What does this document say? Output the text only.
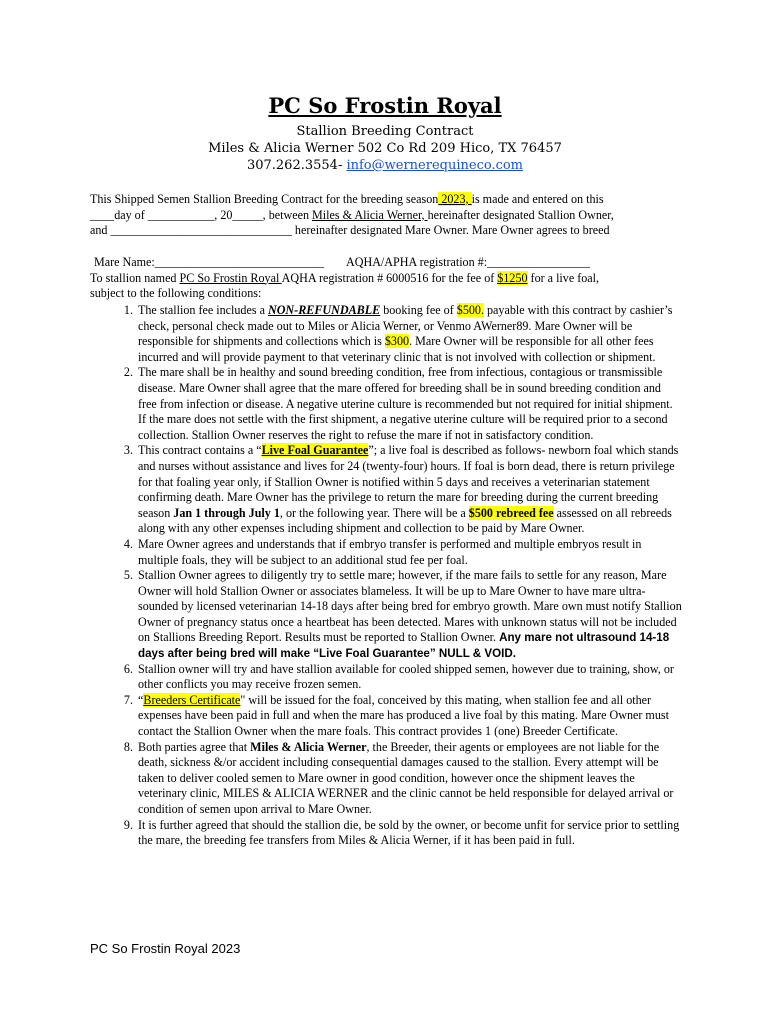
PC So Frostin Royal
Stallion Breeding Contract
Miles & Alicia Werner 502 Co Rd 209 Hico, TX 76457
307.262.3554- info@wernerequineco.com
This Shipped Semen Stallion Breeding Contract for the breeding season 2023, is made and entered on this
____day of ___________, 20_____, between Miles & Alicia Werner, hereinafter designated Stallion Owner,
and ______________________________ hereinafter designated Mare Owner. Mare Owner agrees to breed
Mare Name:____________________________ AQHA/APHA registration #:_________________
To stallion named PC So Frostin Royal AQHA registration # 6000516 for the fee of $1250 for a live foal,
subject to the following conditions:
1. The stallion fee includes a NON-REFUNDABLE booking fee of $500. payable with this contract by cashier’s check, personal check made out to Miles or Alicia Werner, or Venmo AWerner89. Mare Owner will be responsible for shipments and collections which is $300. Mare Owner will be responsible for all other fees incurred and will provide payment to that veterinary clinic that is not involved with collection or shipment.
2. The mare shall be in healthy and sound breeding condition, free from infectious, contagious or transmissible disease. Mare Owner shall agree that the mare offered for breeding shall be in sound breeding condition and free from infection or disease. A negative uterine culture is recommended but not required for initial shipment. If the mare does not settle with the first shipment, a negative uterine culture will be required prior to a second collection. Stallion Owner reserves the right to refuse the mare if not in satisfactory condition.
3. This contract contains a “Live Foal Guarantee”; a live foal is described as follows- newborn foal which stands and nurses without assistance and lives for 24 (twenty-four) hours. If foal is born dead, there is return privilege for that foaling year only, if Stallion Owner is notified within 5 days and receives a veterinarian statement confirming death. Mare Owner has the privilege to return the mare for breeding during the current breeding season Jan 1 through July 1, or the following year. There will be a $500 rebreed fee assessed on all rebreeds along with any other expenses including shipment and collection to be paid by Mare Owner.
4. Mare Owner agrees and understands that if embryo transfer is performed and multiple embryos result in multiple foals, they will be subject to an additional stud fee per foal.
5. Stallion Owner agrees to diligently try to settle mare; however, if the mare fails to settle for any reason, Mare Owner will hold Stallion Owner or associates blameless. It will be up to Mare Owner to have mare ultra-sounded by licensed veterinarian 14-18 days after being bred for embryo growth. Mare own must notify Stallion Owner of pregnancy status once a heartbeat has been detected. Mares with unknown status will not be included on Stallions Breeding Report. Results must be reported to Stallion Owner. Any mare not ultrasound 14-18 days after being bred will make “Live Foal Guarantee” NULL & VOID.
6. Stallion owner will try and have stallion available for cooled shipped semen, however due to training, show, or other conflicts you may receive frozen semen.
7. “Breeders Certificate" will be issued for the foal, conceived by this mating, when stallion fee and all other expenses have been paid in full and when the mare has produced a live foal by this mating. Mare Owner must contact the Stallion Owner when the mare foals. This contract provides 1 (one) Breeder Certificate.
8. Both parties agree that Miles & Alicia Werner, the Breeder, their agents or employees are not liable for the death, sickness &/or accident including consequential damages caused to the stallion. Every attempt will be taken to deliver cooled semen to Mare owner in good condition, however once the shipment leaves the veterinary clinic, MILES & ALICIA WERNER and the clinic cannot be held responsible for delayed arrival or condition of semen upon arrival to Mare Owner.
9. It is further agreed that should the stallion die, be sold by the owner, or become unfit for service prior to settling the mare, the breeding fee transfers from Miles & Alicia Werner, if it has been paid in full.
PC So Frostin Royal 2023
